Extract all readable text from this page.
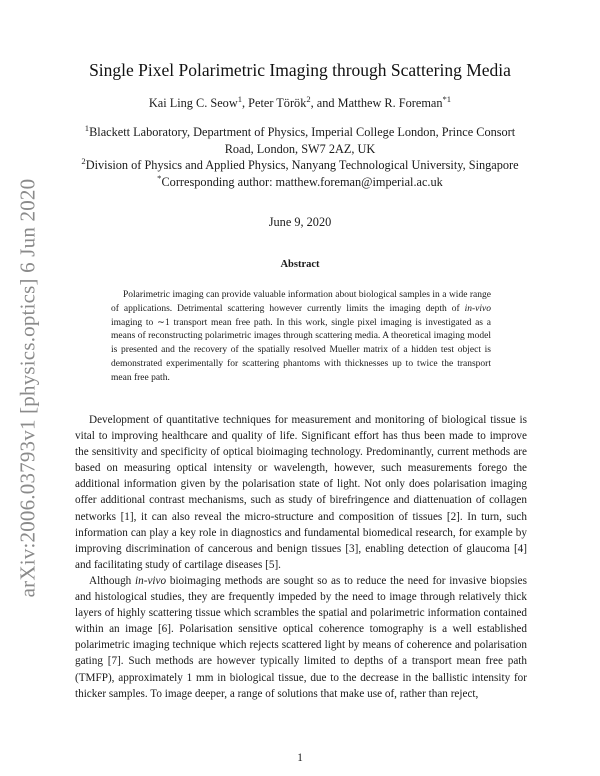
arXiv:2006.03793v1 [physics.optics] 6 Jun 2020
Single Pixel Polarimetric Imaging through Scattering Media
Kai Ling C. Seow$^1$, Peter Török$^2$, and Matthew R. Foreman$^{*1}$
$^1$Blackett Laboratory, Department of Physics, Imperial College London, Prince Consort
Road, London, SW7 2AZ, UK
$^2$Division of Physics and Applied Physics, Nanyang Technological University, Singapore
*Corresponding author: matthew.foreman@imperial.ac.uk
June 9, 2020
Abstract
Polarimetric imaging can provide valuable information about biological samples in a wide range of applications. Detrimental scattering however currently limits the imaging depth of in-vivo imaging to ∼1 transport mean free path. In this work, single pixel imaging is investigated as a means of reconstructing polarimetric images through scattering media. A theoretical imaging model is presented and the recovery of the spatially resolved Mueller matrix of a hidden test object is demonstrated experimentally for scattering phantoms with thicknesses up to twice the transport mean free path.

Development of quantitative techniques for measurement and monitoring of biological tissue is vital to improving healthcare and quality of life. Significant effort has thus been made to improve the sensitivity and specificity of optical bioimaging technology. Predominantly, current methods are based on measuring optical intensity or wavelength, however, such measurements forego the additional information given by the polarisation state of light. Not only does polarisation imaging offer additional contrast mechanisms, such as study of birefringence and diattenuation of collagen networks [1], it can also reveal the micro-structure and composition of tissues [2]. In turn, such information can play a key role in diagnostics and fundamental biomedical research, for example by improving discrimination of cancerous and benign tissues [3], enabling detection of glaucoma [4] and facilitating study of cartilage diseases [5].

Although in-vivo bioimaging methods are sought so as to reduce the need for invasive biopsies and histological studies, they are frequently impeded by the need to image through relatively thick layers of highly scattering tissue which scrambles the spatial and polarimetric information contained within an image [6]. Polarisation sensitive optical coherence tomography is a well established polarimetric imaging technique which rejects scattered light by means of coherence and polarisation gating [7]. Such methods are however typically limited to depths of a transport mean free path (TMFP), approximately 1 mm in biological tissue, due to the decrease in the ballistic intensity for thicker samples. To image deeper, a range of solutions that make use of, rather than reject,

1
